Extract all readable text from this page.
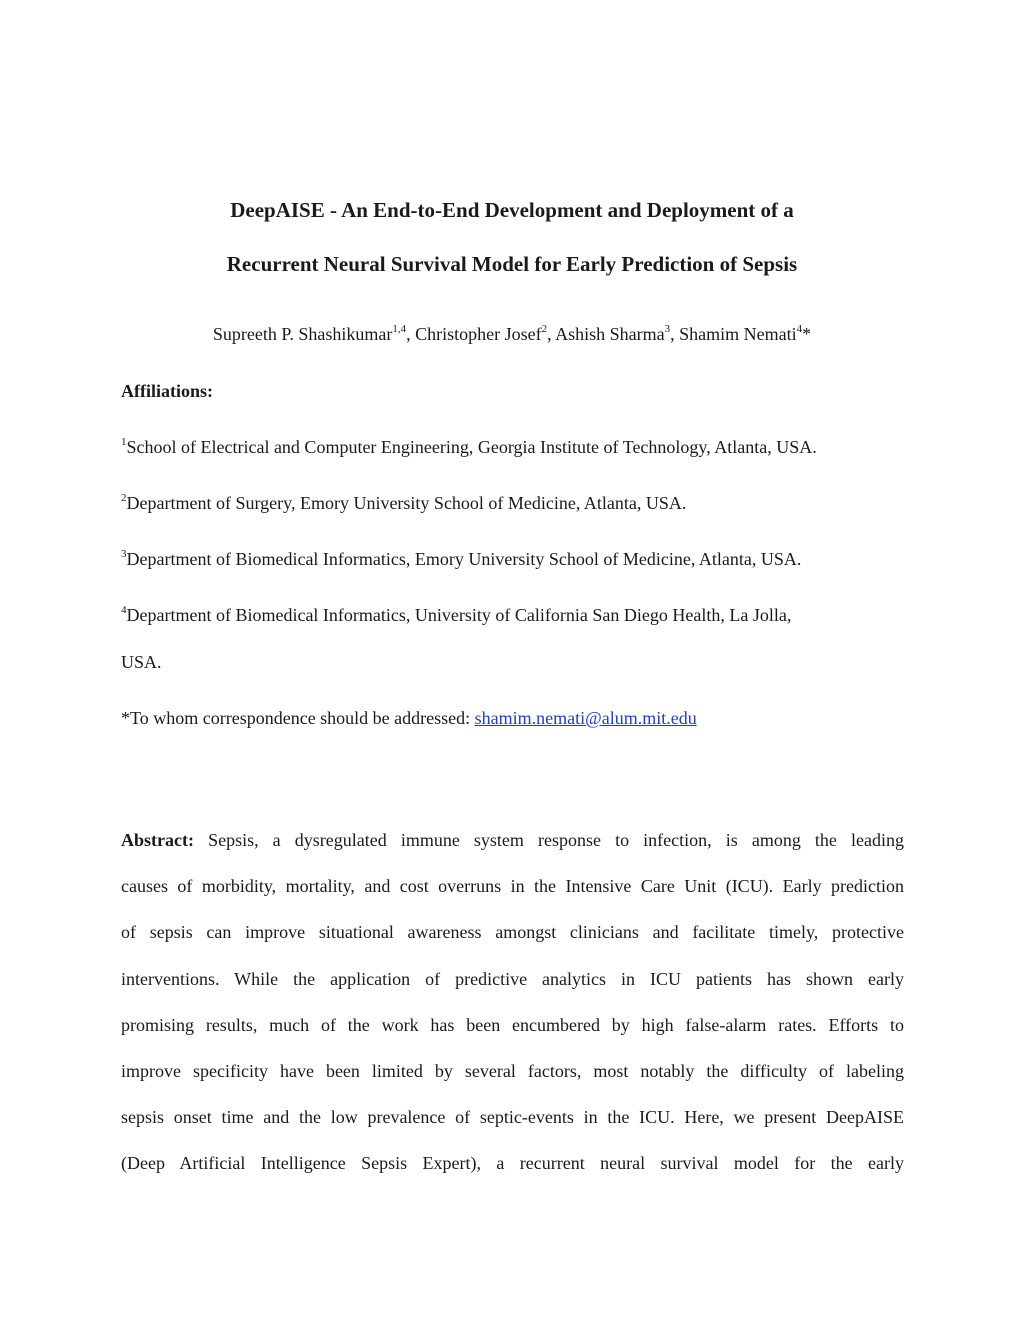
DeepAISE - An End-to-End Development and Deployment of a
Recurrent Neural Survival Model for Early Prediction of Sepsis
Supreeth P. Shashikumar$^{1,4}$, Christopher Josef$^2$, Ashish Sharma$^3$, Shamim Nemati$^4$*
Affiliations:
$^1$School of Electrical and Computer Engineering, Georgia Institute of Technology, Atlanta, USA.
$^2$Department of Surgery, Emory University School of Medicine, Atlanta, USA.
$^3$Department of Biomedical Informatics, Emory University School of Medicine, Atlanta, USA.
$^4$Department of Biomedical Informatics, University of California San Diego Health, La Jolla,
USA.
*To whom correspondence should be addressed: shamim.nemati@alum.mit.edu
Abstract: Sepsis, a dysregulated immune system response to infection, is among the leading
causes of morbidity, mortality, and cost overruns in the Intensive Care Unit (ICU). Early prediction
of sepsis can improve situational awareness amongst clinicians and facilitate timely, protective
interventions. While the application of predictive analytics in ICU patients has shown early
promising results, much of the work has been encumbered by high false-alarm rates. Efforts to
improve specificity have been limited by several factors, most notably the difficulty of labeling
sepsis onset time and the low prevalence of septic-events in the ICU. Here, we present DeepAISE
(Deep Artificial Intelligence Sepsis Expert), a recurrent neural survival model for the early
